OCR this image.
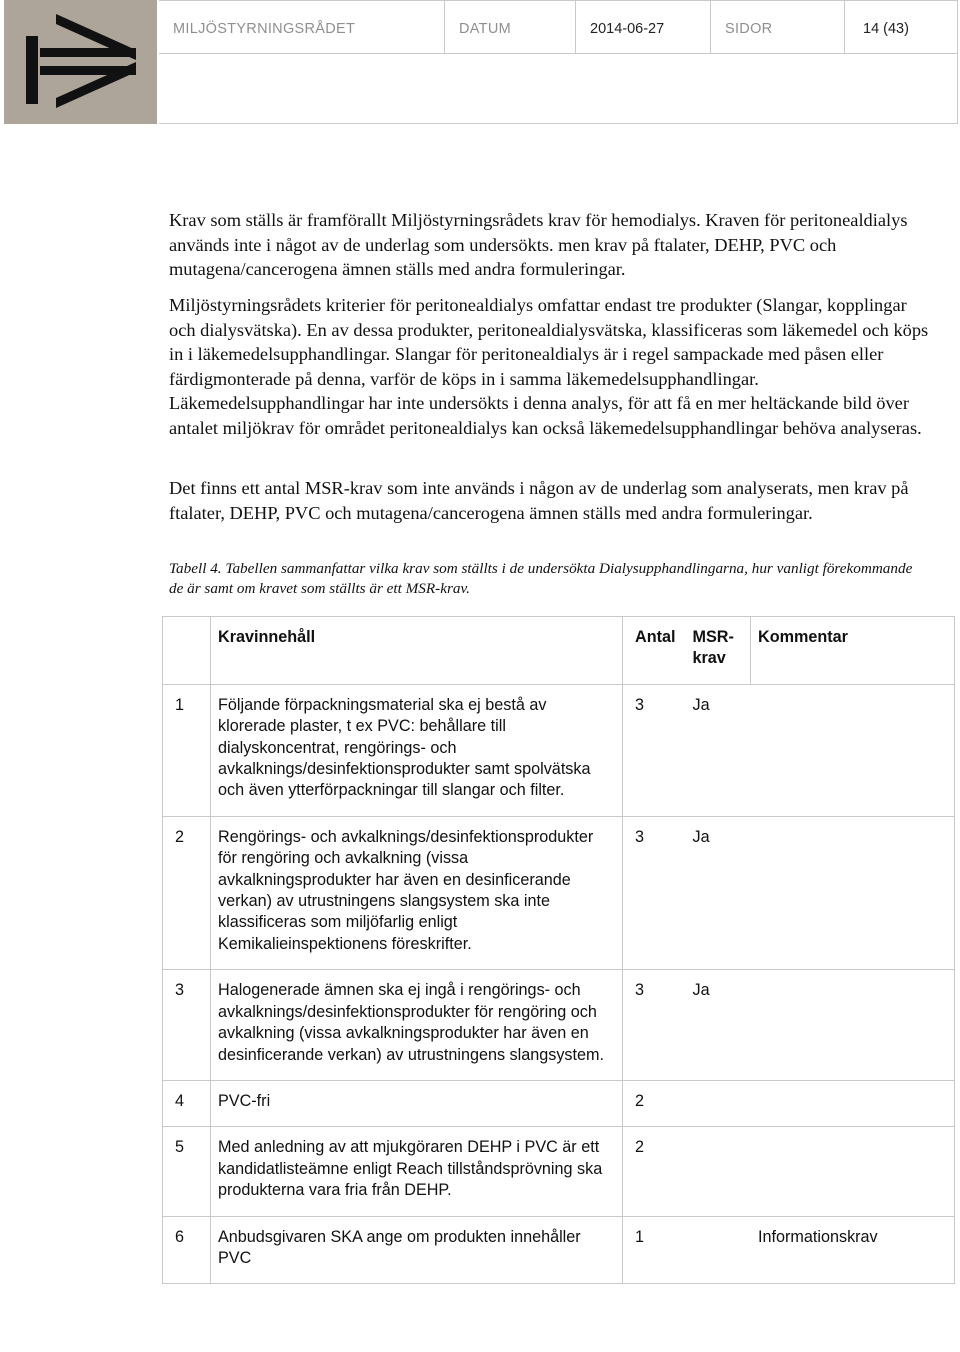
MILJÖSTYRNINGSRÅDET	DATUM	2014-06-27	SIDOR	14 (43)

Krav som ställs är framförallt Miljöstyrningsrådets krav för hemodialys. Kraven för peritonealdialys används inte i något av de underlag som undersökts. men krav på ftalater, DEHP, PVC och mutagena/cancerogena ämnen ställs med andra formuleringar.

Miljöstyrningsrådets kriterier för peritonealdialys omfattar endast tre produkter (Slangar, kopplingar och dialysvätska). En av dessa produkter, peritonealdialysvätska, klassificeras som läkemedel och köps in i läkemedelsupphandlingar. Slangar för peritonealdialys är i regel sampackade med påsen eller färdigmonterade på denna, varför de köps in i samma läkemedelsupphandlingar. Läkemedelsupphandlingar har inte undersökts i denna analys, för att få en mer heltäckande bild över antalet miljökrav för området peritonealdialys kan också läkemedelsupphandlingar behöva analyseras.

Det finns ett antal MSR-krav som inte används i någon av de underlag som analyserats, men krav på ftalater, DEHP, PVC och mutagena/cancerogena ämnen ställs med andra formuleringar.

Tabell 4. Tabellen sammanfattar vilka krav som ställts i de undersökta Dialysupphandlingarna, hur vanligt förekommande de är samt om kravet som ställts är ett MSR-krav.

	Kravinnehåll	Antal	MSR-krav	Kommentar
1	Följande förpackningsmaterial ska ej bestå av klorerade plaster, t ex PVC: behållare till dialyskoncentrat, rengörings- och avkalknings/desinfektionsprodukter samt spolvätska och även ytterförpackningar till slangar och filter.	3	Ja	
2	Rengörings- och avkalknings/desinfektionsprodukter för rengöring och avkalkning (vissa avkalkningsprodukter har även en desinficerande verkan) av utrustningens slangsystem ska inte klassificeras som miljöfarlig enligt Kemikalieinspektionens föreskrifter.	3	Ja	
3	Halogenerade ämnen ska ej ingå i rengörings- och avkalknings/desinfektionsprodukter för rengöring och avkalkning (vissa avkalkningsprodukter har även en desinficerande verkan) av utrustningens slangsystem.	3	Ja	
4	PVC-fri	2		
5	Med anledning av att mjukgöraren DEHP i PVC är ett kandidatlisteämne enligt Reach tillståndsprövning ska produkterna vara fria från DEHP.	2		
6	Anbudsgivaren SKA ange om produkten innehåller PVC	1		Informationskrav
